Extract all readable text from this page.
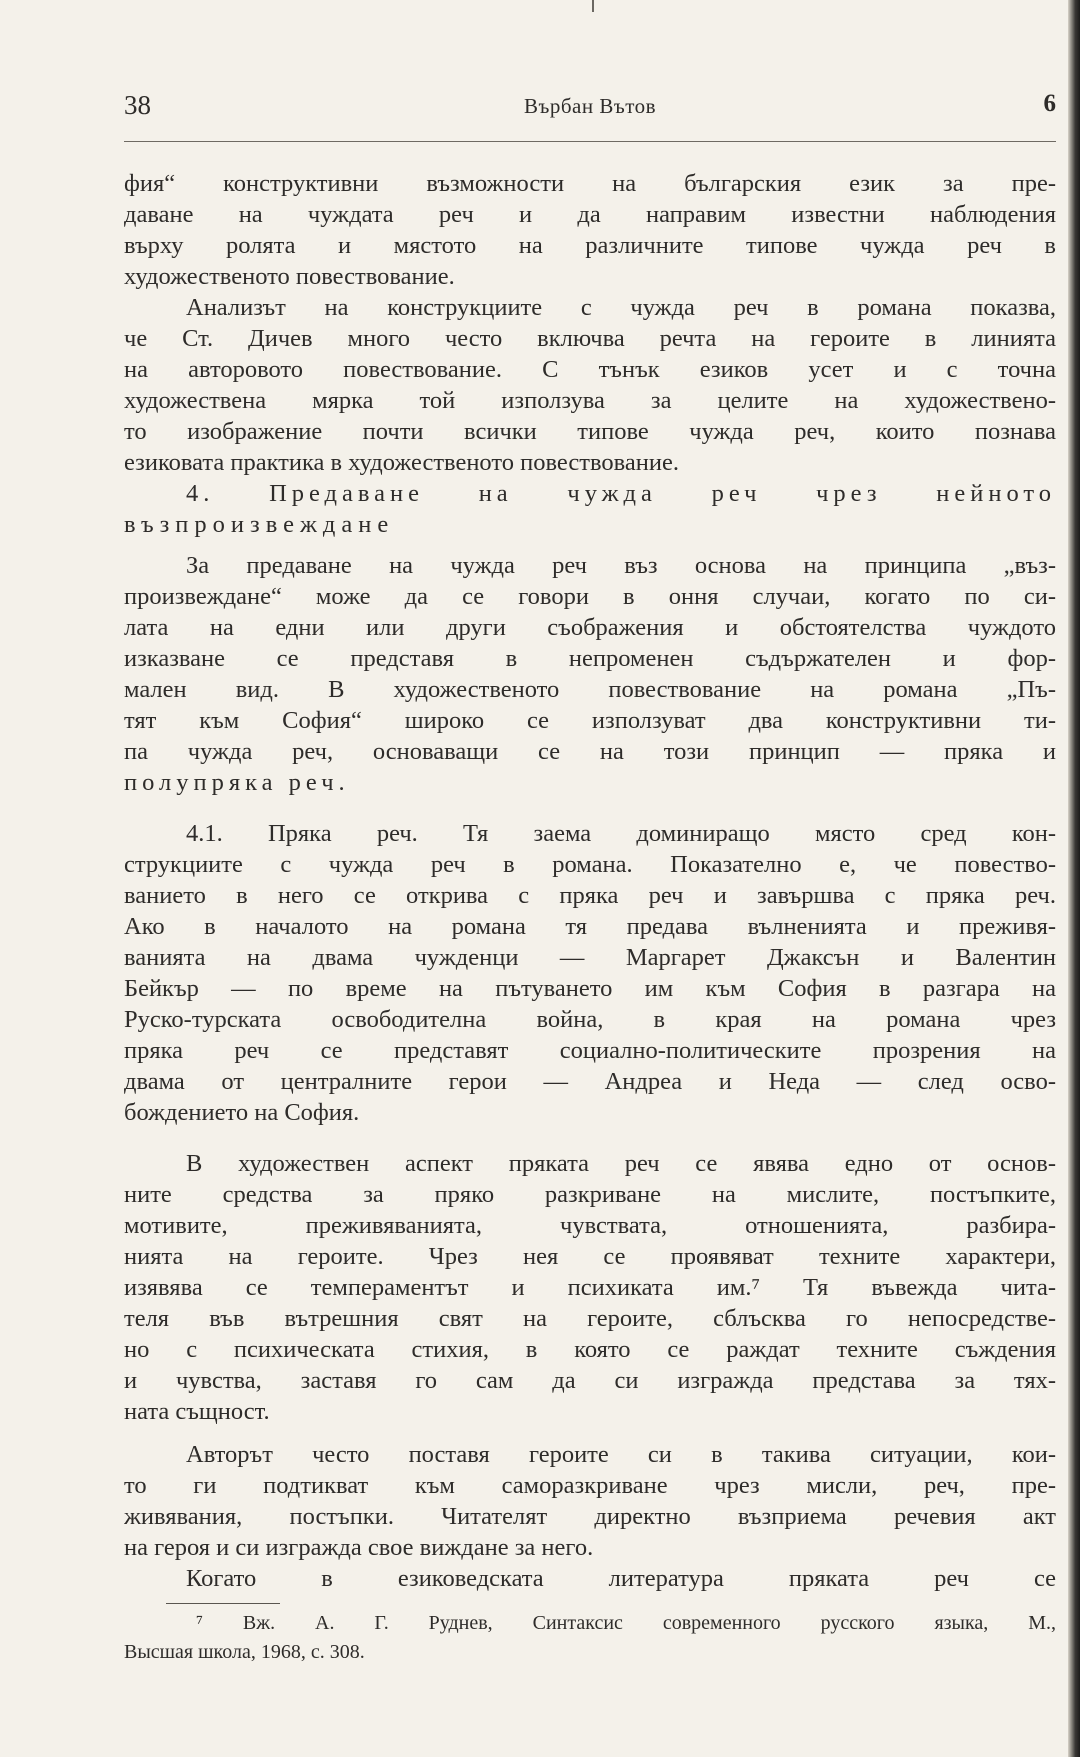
38	Върбан Вътов	6
фия“ конструктивни възможности на българския език за пре-
даване на чуждата реч и да направим известни наблюдения
върху ролята и мястото на различните типове чужда реч в
художественото повествование.
Анализът на конструкциите с чужда реч в романа показва,
че Ст. Дичев много често включва речта на героите в линията
на авторовото повествование. С тънък езиков усет и с точна
художествена мярка той използува за целите на художествено-
то изображение почти всички типове чужда реч, които познава
езиковата практика в художественото повествование.
4. Предаване на чужда реч чрез нейното
възпроизвеждане
За предаване на чужда реч въз основа на принципа „въз-
произвеждане“ може да се говори в оння случаи, когато по си-
лата на едни или други съображения и обстоятелства чуждото
изказване се представя в непроменен съдържателен и фор-
мален вид. В художественото повествование на романа „Пъ-
тят към София“ широко се използуват два конструктивни ти-
па чужда реч, основаващи се на този принцип — пряка и
полупряка реч.
4.1. Пряка реч. Тя заема доминиращо място сред кон-
струкциите с чужда реч в романа. Показателно е, че повество-
ванието в него се открива с пряка реч и завършва с пряка реч.
Ако в началото на романа тя предава вълненията и преживя-
ванията на двама чужденци — Маргарет Джаксън и Валентин
Бейкър — по време на пътуването им към София в разгара на
Руско-турската освободителна война, в края на романа чрез
пряка реч се представят социално-политическите прозрения на
двама от централните герои — Андреа и Неда — след осво-
бождението на София.
В художествен аспект пряката реч се явява едно от основ-
ните средства за пряко разкриване на мислите, постъпките,
мотивите, преживяванията, чувствата, отношенията, разбира-
нията на героите. Чрез нея се проявяват техните характери,
изявява се темпераментът и психиката им.⁷ Тя въвежда чита-
теля във вътрешния свят на героите, сблъсква го непосредстве-
но с психическата стихия, в която се раждат техните съждения
и чувства, заставя го сам да си изгражда представа за тях-
ната същност.
Авторът често поставя героите си в такива ситуации, кои-
то ги подтикват към саморазкриване чрез мисли, реч, пре-
живявания, постъпки. Читателят директно възприема речевия акт
на героя и си изгражда свое виждане за него.
Когато в езиковедската литература пряката реч се
⁷ Вж. А. Г. Руднев, Синтаксис современного русского языка, М.,
Высшая школа, 1968, с. 308.
